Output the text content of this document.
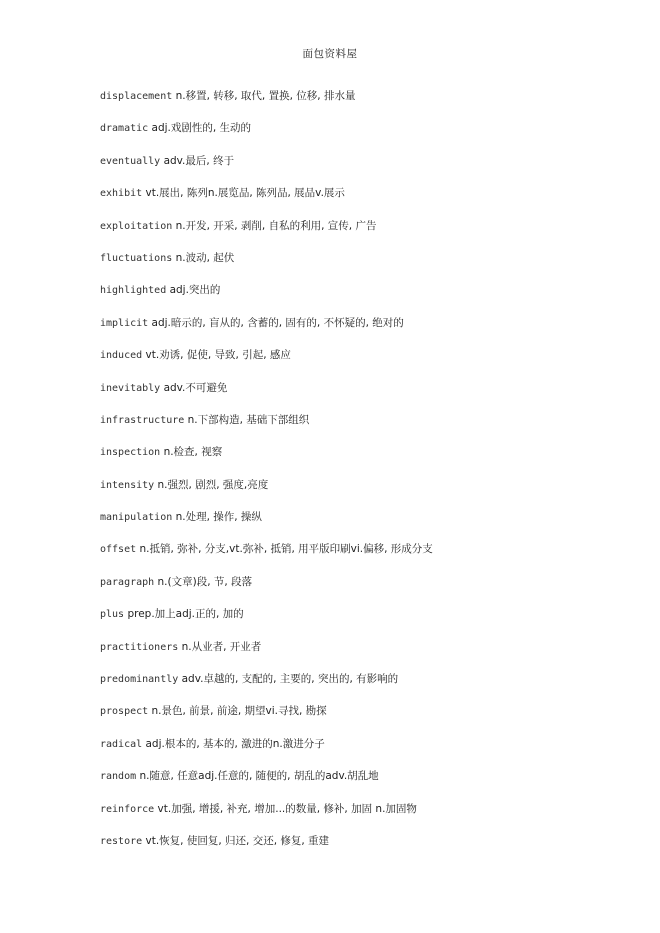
面包资料屋
displacement n.移置, 转移, 取代, 置换, 位移, 排水量
dramatic adj.戏剧性的, 生动的
eventually adv.最后, 终于
exhibit vt.展出, 陈列n.展览品, 陈列品, 展品v.展示
exploitation n.开发, 开采, 剥削, 自私的利用, 宣传, 广告
fluctuations n.波动, 起伏
highlighted adj.突出的
implicit adj.暗示的, 盲从的, 含蓄的, 固有的, 不怀疑的, 绝对的
induced vt.劝诱, 促使, 导致, 引起, 感应
inevitably adv.不可避免
infrastructure n.下部构造, 基础下部组织
inspection n.检查, 视察
intensity n.强烈, 剧烈, 强度,亮度
manipulation n.处理, 操作, 操纵
offset n.抵销, 弥补, 分支,vt.弥补, 抵销, 用平版印刷vi.偏移, 形成分支
paragraph n.(文章)段, 节, 段落
plus prep.加上adj.正的, 加的
practitioners n.从业者, 开业者
predominantly adv.卓越的, 支配的, 主要的, 突出的, 有影响的
prospect n.景色, 前景, 前途, 期望vi.寻找, 勘探
radical adj.根本的, 基本的, 激进的n.激进分子
random n.随意, 任意adj.任意的, 随便的, 胡乱的adv.胡乱地
reinforce vt.加强, 增援, 补充, 增加...的数量, 修补, 加固 n.加固物
restore vt.恢复, 使回复, 归还, 交还, 修复, 重建
